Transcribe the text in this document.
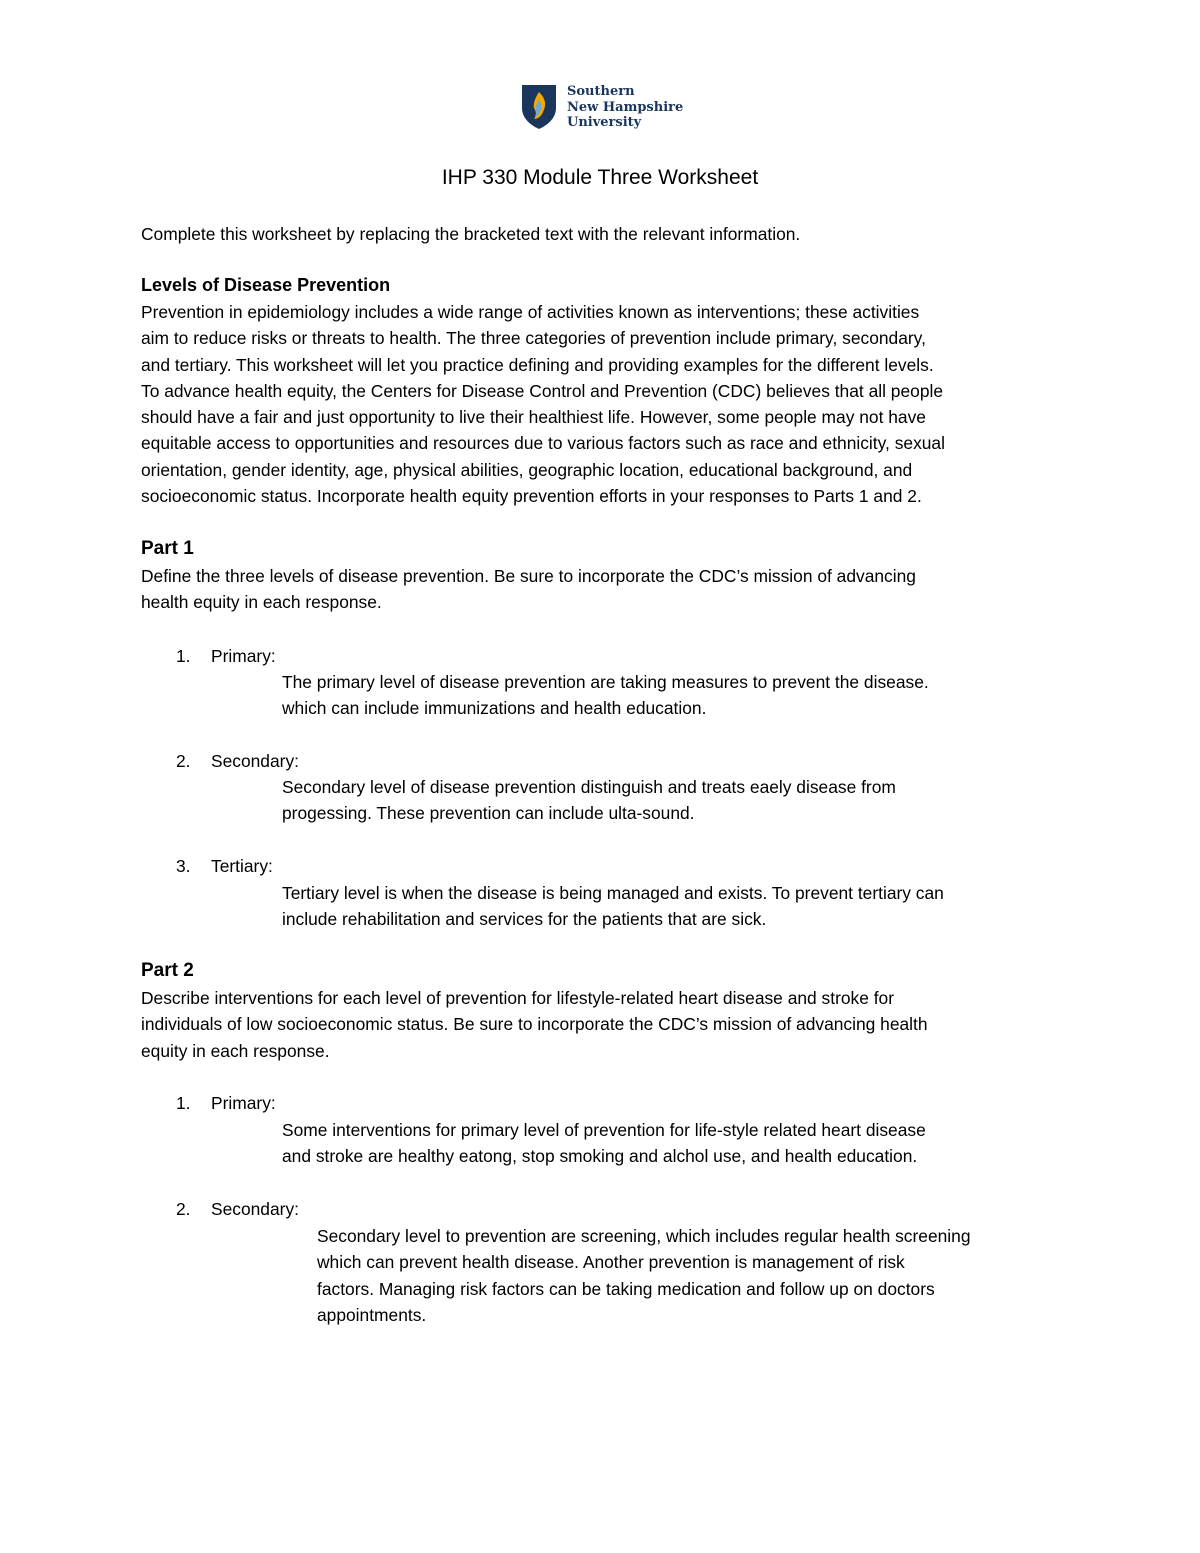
Southern
New Hampshire
University
IHP 330 Module Three Worksheet
Complete this worksheet by replacing the bracketed text with the relevant information.
Levels of Disease Prevention
Prevention in epidemiology includes a wide range of activities known as interventions; these activities
aim to reduce risks or threats to health. The three categories of prevention include primary, secondary,
and tertiary. This worksheet will let you practice defining and providing examples for the different levels.
To advance health equity, the Centers for Disease Control and Prevention (CDC) believes that all people
should have a fair and just opportunity to live their healthiest life. However, some people may not have
equitable access to opportunities and resources due to various factors such as race and ethnicity, sexual
orientation, gender identity, age, physical abilities, geographic location, educational background, and
socioeconomic status. Incorporate health equity prevention efforts in your responses to Parts 1 and 2.
Part 1
Define the three levels of disease prevention. Be sure to incorporate the CDC’s mission of advancing
health equity in each response.
1. Primary:
The primary level of disease prevention are taking measures to prevent the disease.
which can include immunizations and health education.
2. Secondary:
Secondary level of disease prevention distinguish and treats eaely disease from
progessing. These prevention can include ulta-sound.
3. Tertiary:
Tertiary level is when the disease is being managed and exists. To prevent tertiary can
include rehabilitation and services for the patients that are sick.
Part 2
Describe interventions for each level of prevention for lifestyle-related heart disease and stroke for
individuals of low socioeconomic status. Be sure to incorporate the CDC’s mission of advancing health
equity in each response.
1. Primary:
Some interventions for primary level of prevention for life-style related heart disease
and stroke are healthy eatong, stop smoking and alchol use, and health education.
2. Secondary:
Secondary level to prevention are screening, which includes regular health screening
which can prevent health disease. Another prevention is management of risk
factors. Managing risk factors can be taking medication and follow up on doctors
appointments.
